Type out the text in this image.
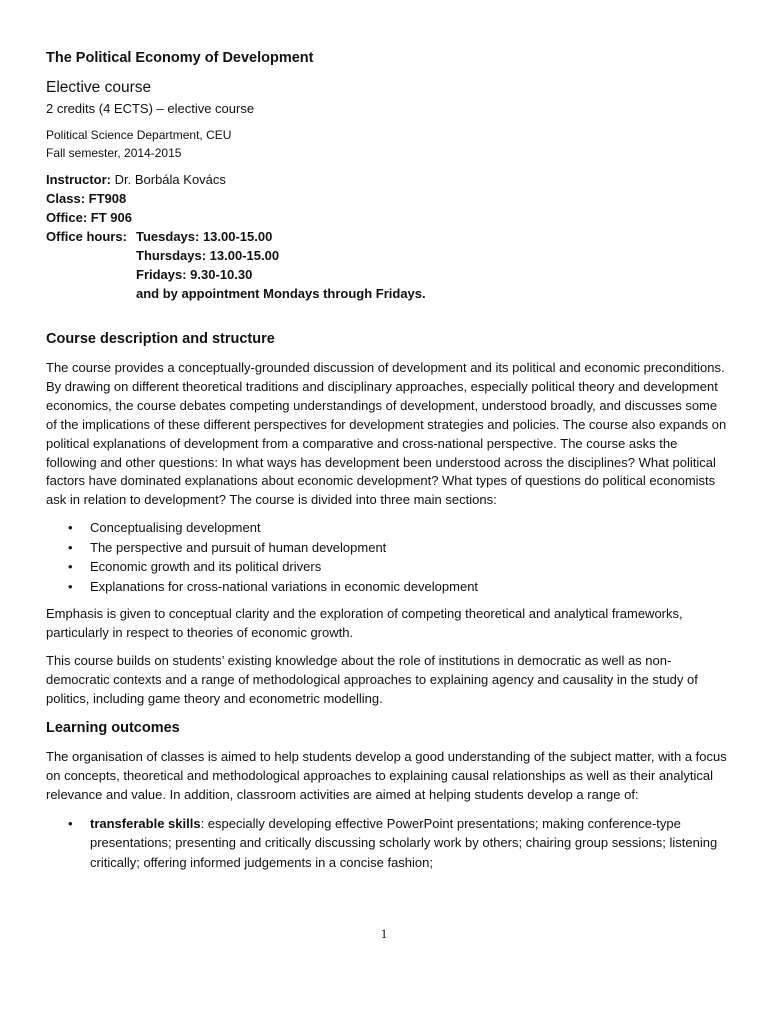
The Political Economy of Development

Elective course

2 credits (4 ECTS) – elective course

Political Science Department, CEU

Fall semester, 2014-2015

Instructor: Dr. Borbála Kovács
Class: FT908
Office: FT 906
Office hours: Tuesdays: 13.00-15.00
Thursdays: 13.00-15.00
Fridays: 9.30-10.30
and by appointment Mondays through Fridays.

Course description and structure

The course provides a conceptually-grounded discussion of development and its political and economic preconditions. By drawing on different theoretical traditions and disciplinary approaches, especially political theory and development economics, the course debates competing understandings of development, understood broadly, and discusses some of the implications of these different perspectives for development strategies and policies. The course also expands on political explanations of development from a comparative and cross-national perspective. The course asks the following and other questions: In what ways has development been understood across the disciplines? What political factors have dominated explanations about economic development? What types of questions do political economists ask in relation to development? The course is divided into three main sections:

• Conceptualising development
• The perspective and pursuit of human development
• Economic growth and its political drivers
• Explanations for cross-national variations in economic development

Emphasis is given to conceptual clarity and the exploration of competing theoretical and analytical frameworks, particularly in respect to theories of economic growth.

This course builds on students’ existing knowledge about the role of institutions in democratic as well as non-democratic contexts and a range of methodological approaches to explaining agency and causality in the study of politics, including game theory and econometric modelling.

Learning outcomes

The organisation of classes is aimed to help students develop a good understanding of the subject matter, with a focus on concepts, theoretical and methodological approaches to explaining causal relationships as well as their analytical relevance and value. In addition, classroom activities are aimed at helping students develop a range of:

• transferable skills: especially developing effective PowerPoint presentations; making conference-type presentations; presenting and critically discussing scholarly work by others; chairing group sessions; listening critically; offering informed judgements in a concise fashion;
1
